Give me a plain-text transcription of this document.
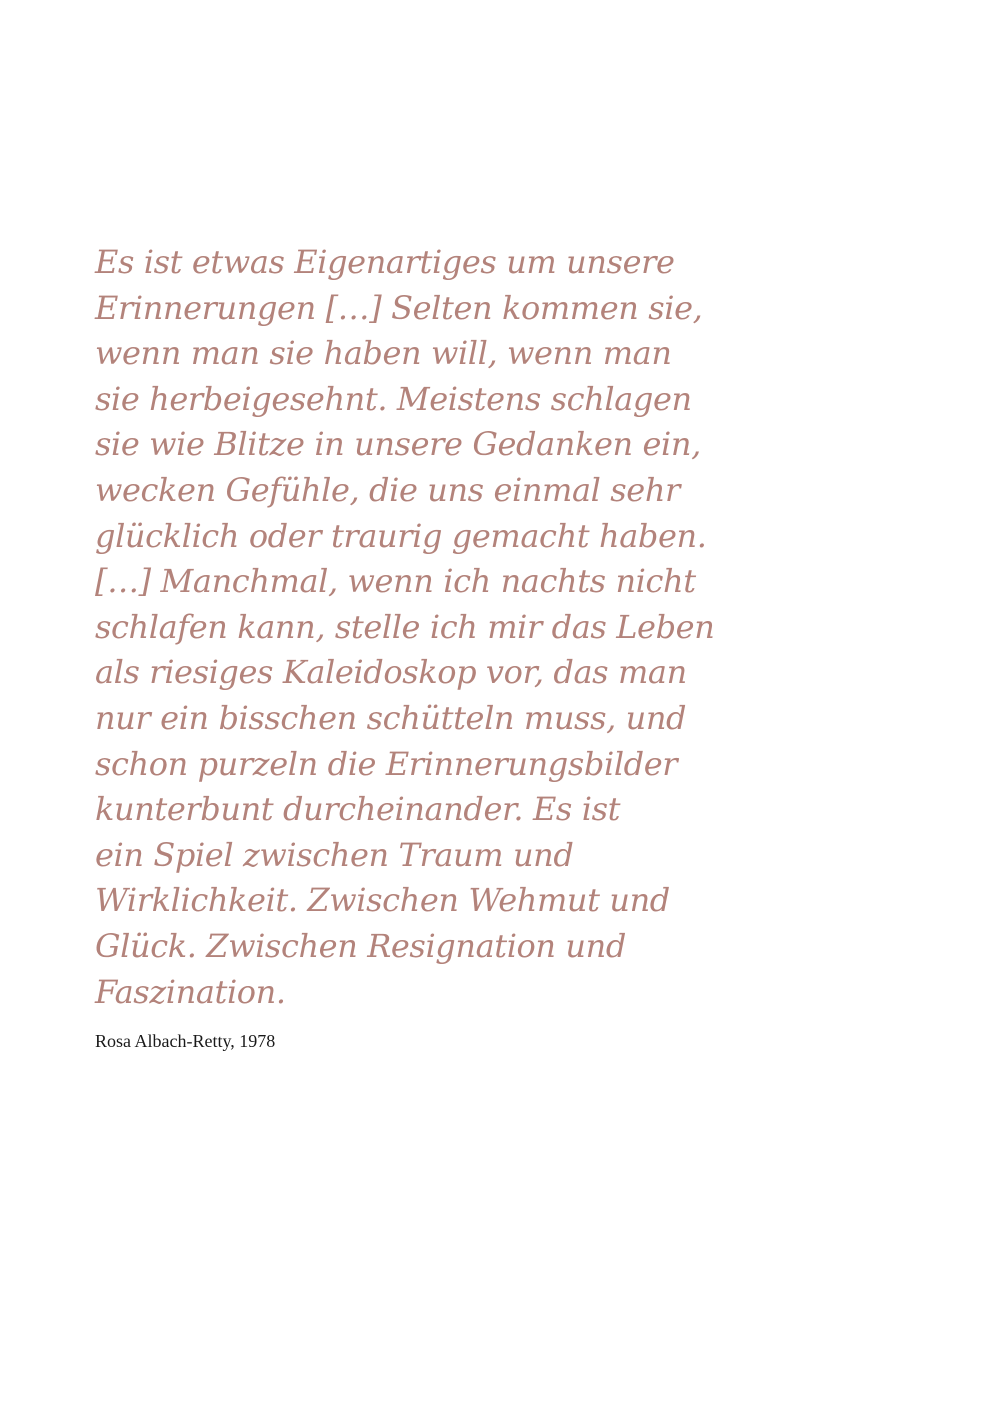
Es ist etwas Eigenartiges um unsere
Erinnerungen […] Selten kommen sie,
wenn man sie haben will, wenn man
sie herbeigesehnt. Meistens schlagen
sie wie Blitze in unsere Gedanken ein,
wecken Gefühle, die uns einmal sehr
glücklich oder traurig gemacht haben.
[…] Manchmal, wenn ich nachts nicht
schlafen kann, stelle ich mir das Leben
als riesiges Kaleidoskop vor, das man
nur ein bisschen schütteln muss, und
schon purzeln die Erinnerungsbilder
kunterbunt durcheinander. Es ist
ein Spiel zwischen Traum und
Wirklichkeit. Zwischen Wehmut und
Glück. Zwischen Resignation und
Faszination.

Rosa Albach-Retty, 1978
